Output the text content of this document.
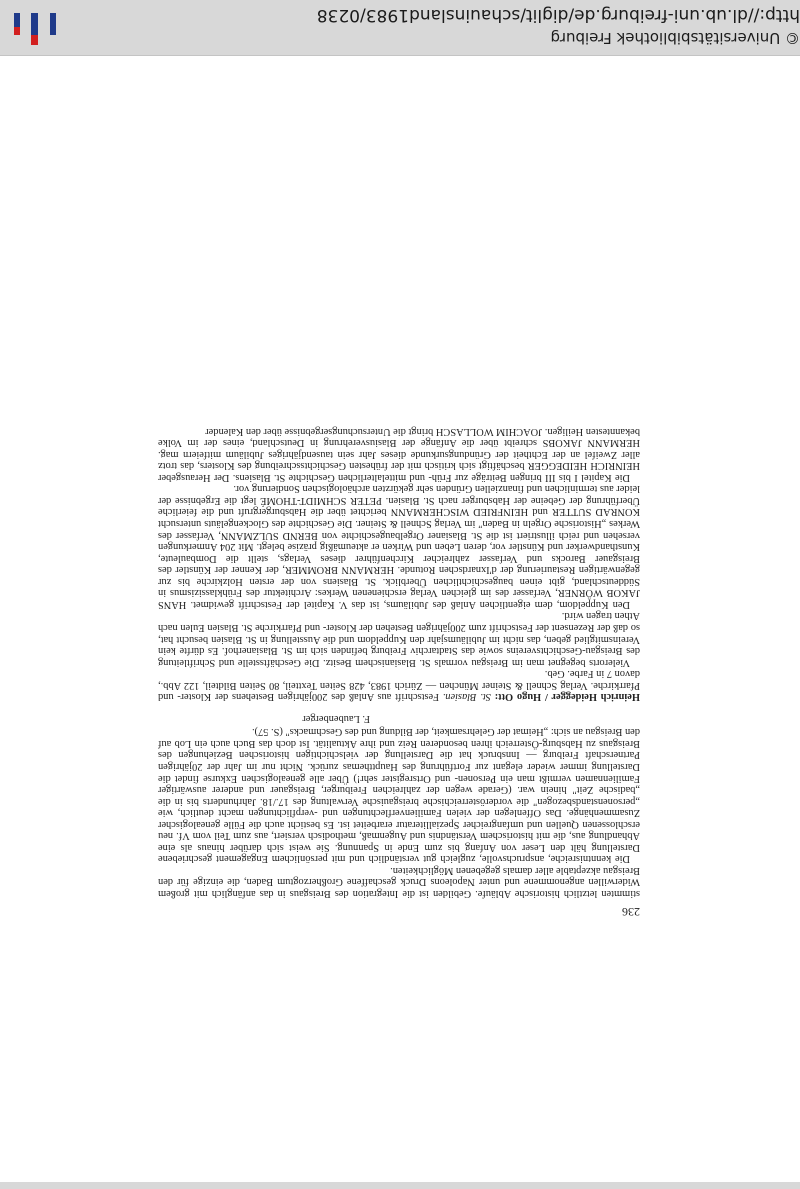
236

stimmten letztlich historische Abläufe. Gebilden ist die Integration des Breisgaus in das anfänglich mit großem Widerwillen angenommene und unter Napoleons Druck geschaffene Großherzogtum Baden, die einzige für den Breisgau akzeptable aller damals gegebenen Möglichkeiten.

Die kenntnisreiche, anspruchsvolle, zugleich gut verständlich und mit persönlichem Engagement geschriebene Darstellung hält den Leser von Anfang bis zum Ende in Spannung. Sie weist sich darüber hinaus als eine Abhandlung aus, die mit historischem Verständnis und Augenmaß, methodisch versiert, aus zum Teil vom Vf. neu erschlossenen Quellen und umfangreicher Spezialliteratur erarbeitet ist. Es besticht auch die Fülle genealogischer Zusammenhänge. Das Offenlegen der vielen Familienverflechtungen und -verpflichtungen macht deutlich, wie „personenstandsbezogen" die vorderösterreichische breisgauische Verwaltung des 17./18. Jahrhunderts bis in die „badische Zeit" hinein war. (Gerade wegen der zahlreichen Freiburger, Breisgauer und anderer auswärtiger Familiennamen vermißt man ein Personen- und Ortsregister sehr!) Über alle genealogischen Exkurse findet die Darstellung immer wieder elegant zur Fortführung des Hauptthemas zurück. Nicht nur im Jahr der 20jährigen Partnerschaft Freiburg — Innsbruck hat die Darstellung der vielschichtigen historischen Beziehungen des Breisgaus zu Habsburg-Österreich ihren besonderen Reiz und ihre Aktualität. Ist doch das Buch auch ein Lob auf den Breisgau an sich: „Heimat der Gelehrsamkeit, der Bildung und des Geschmacks" (S. 57).

F. Laubenberger

Heinrich Heidegger / Hugo Ott: St. Blasien. Festschrift aus Anlaß des 200jährigen Bestehens der Kloster- und Pfarrkirche. Verlag Schnell & Steiner München — Zürich 1983, 428 Seiten Textteil, 80 Seiten Bildteil, 122 Abb., davon 7 in Farbe. Geb.

Vielerorts begegnet man im Breisgau vormals St. Blasianischem Besitz. Die Geschäftsstelle und Schriftleitung des Breisgau-Geschichtsvereins sowie das Stadtarchiv Freiburg befinden sich im St. Blasianerhof. Es dürfte kein Vereinsmitglied geben, das nicht im Jubiläumsjahr den Kuppeldom und die Ausstellung in St. Blasien besucht hat, so daß der Rezensent der Festschrift zum 200jährigen Bestehen der Kloster- und Pfarrkirche St. Blasien Eulen nach Athen tragen wird.

Den Kuppeldom, dem eigentlichen Anlaß des Jubiläums, ist das V. Kapitel der Festschrift gewidmet. HANS JAKOB WÖRNER, Verfasser des im gleichen Verlag erschienenen Werkes: Architektur des Frühklassizismus in Süddeutschland, gibt einen baugeschichtlichen Überblick. St. Blasiens von der ersten Holzkirche bis zur gegenwärtigen Restaurierung der d'Ixnardschen Rotunde. HERMANN BROMMER, der Kenner der Künstler des Breisgauer Barocks und Verfasser zahlreicher Kirchenführer dieses Verlags, stellt die Dombauleute, Kunsthandwerker und Künstler vor, deren Leben und Wirken er akteumäßig präzise belegt. Mit 204 Anmerkungen versehen und reich illustriert ist die St. Blasianer Orgelbaugeschichte von BERND SULZMANN, Verfasser des Werkes „Historische Orgeln in Baden" im Verlag Schnell & Steiner. Die Geschichte des Glockengeläuts untersucht KONRAD SUTTER und HEINFRIED WISCHERMANN berichtet über die Habsburgergruft und die feierliche Überführung der Gebeine der Habsburger nach St. Blasien. PETER SCHMIDT-THOMÉ legt die Ergebnisse der leider aus terminlichen und finanziellen Gründen sehr gekürzten archäologischen Sondierung vor.

Die Kapitel I bis III bringen Beiträge zur Früh- und mittelalterlichen Geschichte St. Blasiens. Der Herausgeber HEINRICH HEIDEGGER beschäftigt sich kritisch mit der frühesten Geschichtsschreibung des Klosters, das trotz aller Zweifel an der Echtheit der Gründungsurkunde dieses Jahr sein tausendjähriges Jubiläum mitfeiern mag. HERMANN JAKOBS schreibt über die Anfänge der Blasiusverehrung in Deutschland, eines der im Volke bekanntesten Heiligen. JOACHIM WOLLASCH bringt die Untersuchungsergebnisse über den Kalender

© Universitätsbibliothek Freiburg
http://dl.ub.uni-freiburg.de/diglit/schauinsland1983/0238
